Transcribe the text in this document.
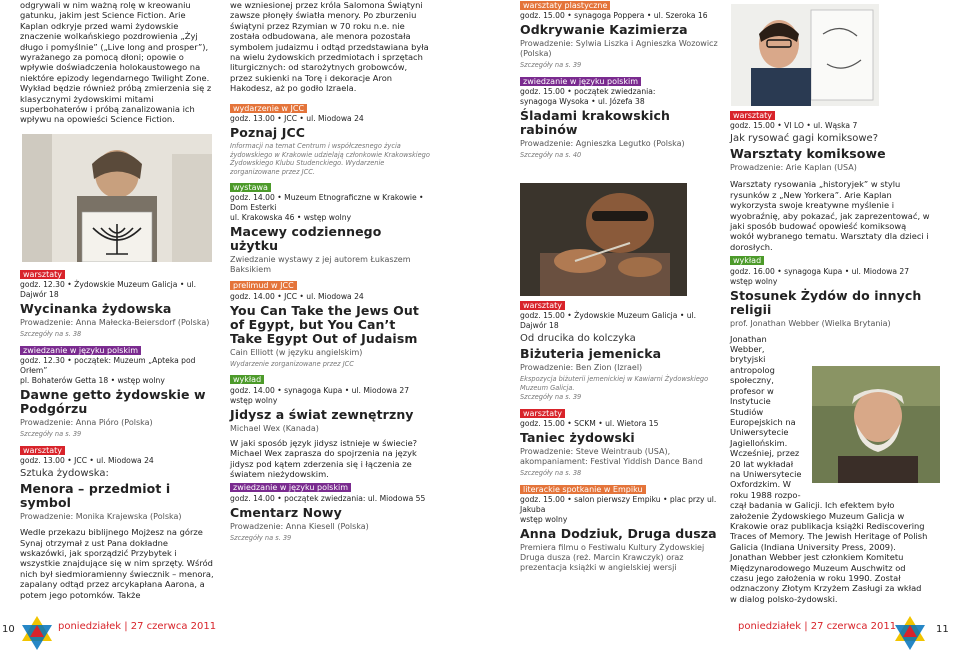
odgrywali w nim ważną rolę w kreowaniu gatunku, jakim jest Science Fiction. Arie Kaplan odkryje przed wami żydowskie znaczenie wolkańskiego pozdrowienia „Żyj długo i pomyślnie” („Live long and prosper”), wyrażanego za pomocą dłoni; opowie o wpływie doświadczenia holokaustowego na niektóre epizody legendarnego Twilight Zone. Wykład będzie również próbą zmierzenia się z klasycznymi żydowskimi mitami superbohaterów i próbą zanalizowania ich wpływu na opowieści Science Fiction.

warsztaty

godz. 12.30 • Żydowskie Muzeum Galicja • ul. Dajwór 18

Wycinanka żydowska

Prowadzenie: Anna Małecka-Beiersdorf (Polska)

Szczegóły na s. 38

zwiedzanie w języku polskim

godz. 12.30 • początek: Muzeum „Apteka pod Orłem”

pl. Bohaterów Getta 18 • wstęp wolny

Dawne getto żydowskie w Podgórzu

Prowadzenie: Anna Pióro (Polska)

Szczegóły na s. 39

warsztaty

godz. 13.00 • JCC • ul. Miodowa 24

Sztuka żydowska:

Menora – przedmiot i symbol

Prowadzenie: Monika Krajewska (Polska)

Wedle przekazu biblijnego Mojżesz na górze Synaj otrzymał z ust Pana dokładne wskazówki, jak sporządzić Przybytek i wszystkie znajdujące się w nim sprzęty. Wśród nich był siedmioramienny świecznik – menora, zapalany odtąd przez arcykapłana Aarona, a potem jego potomków. Także

we wzniesionej przez króla Salomona Świątyni zawsze płonęły światła menory. Po zburzeniu świątyni przez Rzymian w 70 roku n.e. nie została odbudowana, ale menora pozostała symbolem judaizmu i odtąd przedstawiana była na wielu żydowskich przedmiotach i sprzętach liturgicznych: od starożytnych grobowców, przez sukienki na Torę i dekoracje Aron Hakodesz, aż po godło Izraela.

wydarzenie w JCC

godz. 13.00 • JCC • ul. Miodowa 24

Poznaj JCC

Informacji na temat Centrum i współczesnego życia żydowskiego w Krakowie udzielają członkowie Krakowskiego Żydowskiego Klubu Studenckiego. Wydarzenie zorganizowane przez JCC.

wystawa

godz. 14.00 • Muzeum Etnograficzne w Krakowie • Dom Esterki

ul. Krakowska 46 • wstęp wolny

Macewy codziennego użytku

Zwiedzanie wystawy z jej autorem Łukaszem Baksikiem

prelimud w JCC

godz. 14.00 • JCC • ul. Miodowa 24

You Can Take the Jews Out of Egypt, but You Can’t Take Egypt Out of Judaism

Cain Elliott (w języku angielskim)

Wydarzenie zorganizowane przez JCC

wykład

godz. 14.00 • synagoga Kupa • ul. Miodowa 27

wstęp wolny

Jidysz a świat zewnętrzny

Michael Wex (Kanada)

W jaki sposób język jidysz istnieje w świecie? Michael Wex zaprasza do spojrzenia na język jidysz pod kątem zderzenia się i łączenia ze światem nieżydowskim.

zwiedzanie w języku polskim

godz. 14.00 • początek zwiedzania: ul. Miodowa 55

Cmentarz Nowy

Prowadzenie: Anna Kiesell (Polska)

Szczegóły na s. 39

warsztaty plastyczne

godz. 15.00 • synagoga Poppera • ul. Szeroka 16

Odkrywanie Kazimierza

Prowadzenie: Sylwia Liszka i Agnieszka Wozowicz (Polska)

Szczegóły na s. 39

zwiedzanie w języku polskim

godz. 15.00 • początek zwiedzania:

synagoga Wysoka • ul. Józefa 38

Śladami krakowskich rabinów

Prowadzenie: Agnieszka Legutko (Polska)

Szczegóły na s. 40

warsztaty

godz. 15.00 • Żydowskie Muzeum Galicja • ul. Dajwór 18

Od drucika do kolczyka

Biżuteria jemenicka

Prowadzenie: Ben Zion (Izrael)

Ekspozycja biżuterii jemenickiej w Kawiarni Żydowskiego Muzeum Galicja.

Szczegóły na s. 39

warsztaty

godz. 15.00 • SCKM • ul. Wietora 15

Taniec żydowski

Prowadzenie: Steve Weintraub (USA), akompaniament: Festival Yiddish Dance Band

Szczegóły na s. 38

literackie spotkanie w Empiku

godz. 15.00 • salon pierwszy Empiku • plac przy ul. Jakuba

wstęp wolny

Anna Dodziuk, Druga dusza

Premiera filmu o Festiwalu Kultury Żydowskiej Druga dusza (reż. Marcin Krawczyk) oraz prezentacja książki w angielskiej wersji

warsztaty

godz. 15.00 • VI LO • ul. Wąska 7

Jak rysować gagi komiksowe?

Warsztaty komiksowe

Prowadzenie: Arie Kaplan (USA)

Warsztaty rysowania „historyjek” w stylu rysunków z „New Yorkera”. Arie Kaplan wykorzysta swoje kreatywne myślenie i wyobraźnię, aby pokazać, jak zaprezentować, w jaki sposób budować opowieść komiksową wokół wybranego tematu. Warsztaty dla dzieci i dorosłych.

wykład

godz. 16.00 • synagoga Kupa • ul. Miodowa 27

wstęp wolny

Stosunek Żydów do innych religii

prof. Jonathan Webber (Wielka Brytania)

Jonathan Webber, brytyjski antropolog społeczny, profesor w Instytucie Studiów Europejskich na Uniwersytecie Jagiellońskim. Wcześniej, przez 20 lat wykładał na Uniwersytecie Oxfordzkim. W roku 1988 rozpo-

czął badania w Galicji. Ich efektem było założenie Żydowskiego Muzeum Galicja w Krakowie oraz publikacja książki Rediscovering Traces of Memory. The Jewish Heritage of Polish Galicia (Indiana University Press, 2009). Jonathan Webber jest członkiem Komitetu Międzynarodowego Muzeum Auschwitz od czasu jego założenia w roku 1990. Został odznaczony Złotym Krzyżem Zasługi za wkład w dialog polsko-żydowski.

10	poniedziałek | 27 czerwca 2011	poniedziałek | 27 czerwca 2011	11
